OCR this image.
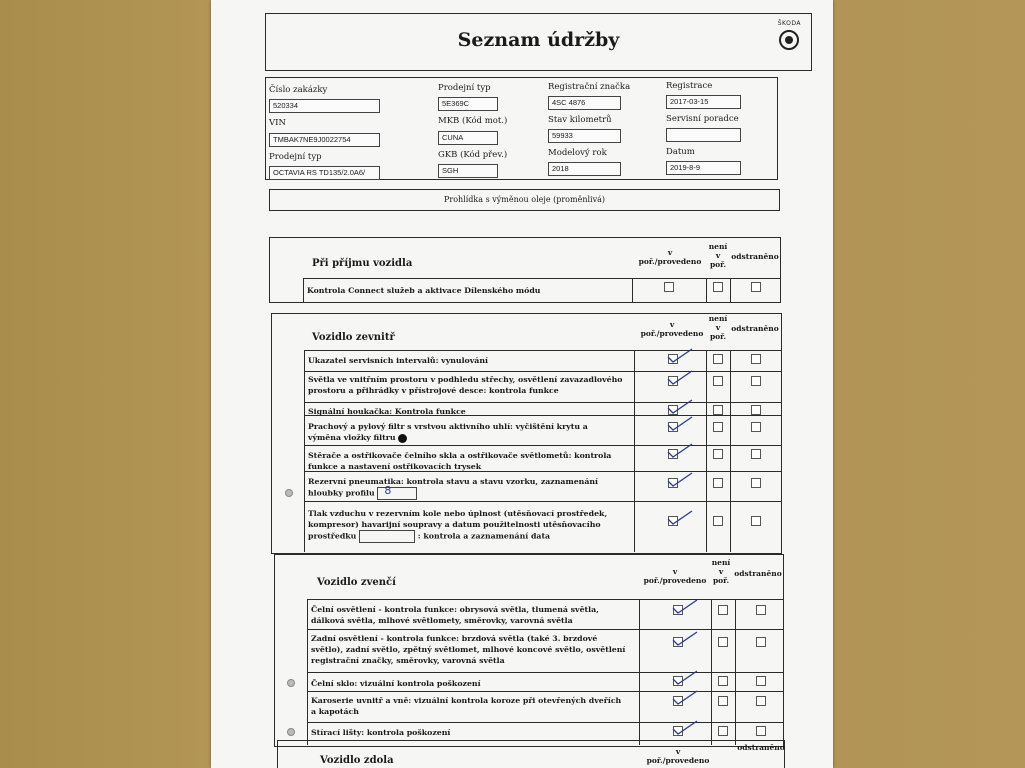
Seznam údržby
ŠKODA
Číslo zakázky
520334
Prodejní typ
5E369C
Registrační značka
4SC 4876
Registrace
2017-03-15
VIN
TMBAK7NE9J0022754
MKB (Kód mot.)
CUNA
Stav kilometrů
59933
Servisní poradce
Prodejní typ
OCTAVIA RS TD135/2.0A6/
GKB (Kód přev.)
SGH
Modelový rok
2018
Datum
2019-8-9
Prohlídka s výměnou oleje (proměnlivá)
Při příjmu vozidla
v
poř./provedeno
není
v
poř.
odstraněno
Kontrola Connect služeb a aktivace Dílenského módu
Vozidlo zevnitř
v
poř./provedeno
není
v
poř.
odstraněno
Ukazatel servisních intervalů: vynulování
Světla ve vnitřním prostoru v podhledu střechy, osvětlení zavazadlového
prostoru a přihrádky v přístrojové desce: kontrola funkce
Signální houkačka: Kontrola funkce
Prachový a pylový filtr s vrstvou aktivního uhlí: vyčištění krytu a
výměna vložky filtru
Stěrače a ostřikovače čelního skla a ostřikovače světlometů: kontrola
funkce a nastavení ostřikovacích trysek
Rezervní pneumatika: kontrola stavu a stavu vzorku, zaznamenání
hloubky profilu 8
Tlak vzduchu v rezervním kole nebo úplnost (utěsňovací prostředek,
kompresor) havarijní soupravy a datum použitelnosti utěsňovacího
prostředku	: kontrola a zaznamenání data
Vozidlo zvenčí
v
poř./provedeno
není
v
poř.
odstraněno
Čelní osvětlení - kontrola funkce: obrysová světla, tlumená světla,
dálková světla, mlhové světlomety, směrovky, varovná světla
Zadní osvětlení - kontrola funkce: brzdová světla (také 3. brzdové
světlo), zadní světlo, zpětný světlomet, mlhové koncové světlo, osvětlení
registrační značky, směrovky, varovná světla
Čelní sklo: vizuální kontrola poškození
Karoserie uvnitř a vně: vizuální kontrola koroze při otevřených dveřích
a kapotách
Stírací lišty: kontrola poškození
Vozidlo zdola
v
poř./provedeno
odstraněno
